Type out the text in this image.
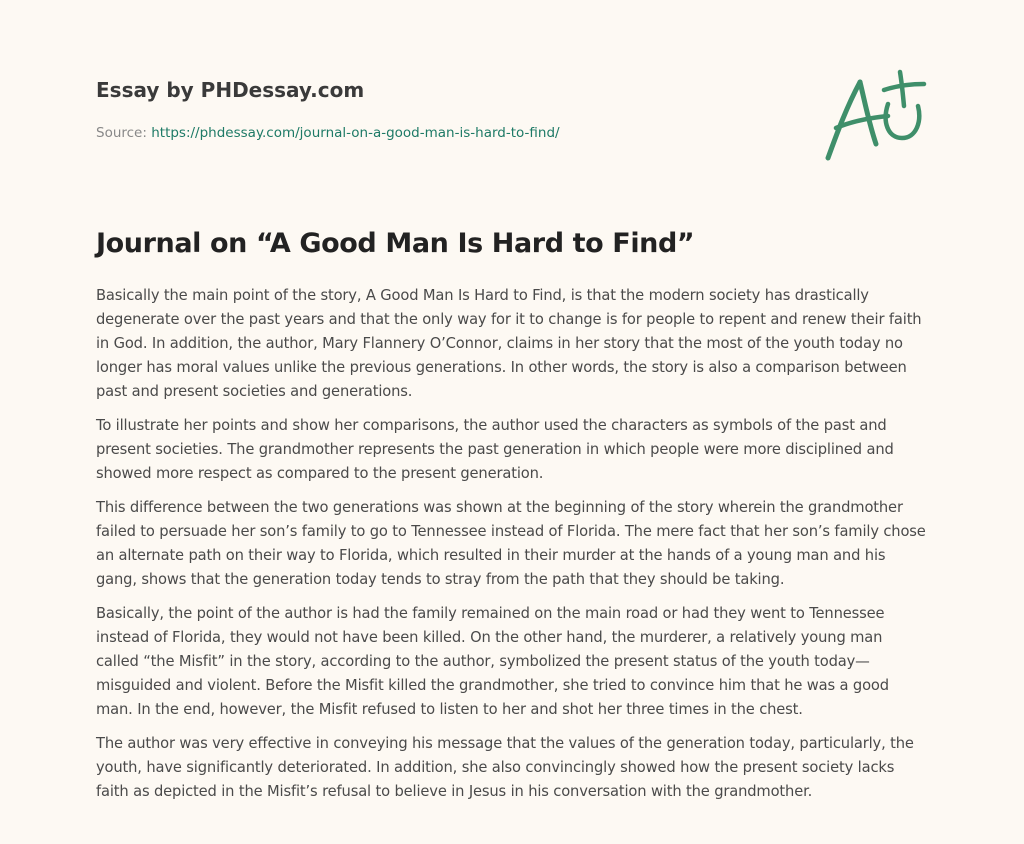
Essay by PHDessay.com
Source: https://phdessay.com/journal-on-a-good-man-is-hard-to-find/
Journal on “A Good Man Is Hard to Find”

Basically the main point of the story, A Good Man Is Hard to Find, is that the modern society has drastically degenerate over the past years and that the only way for it to change is for people to repent and renew their faith in God. In addition, the author, Mary Flannery O’Connor, claims in her story that the most of the youth today no longer has moral values unlike the previous generations. In other words, the story is also a comparison between past and present societies and generations.

To illustrate her points and show her comparisons, the author used the characters as symbols of the past and present societies. The grandmother represents the past generation in which people were more disciplined and showed more respect as compared to the present generation.

This difference between the two generations was shown at the beginning of the story wherein the grandmother failed to persuade her son’s family to go to Tennessee instead of Florida. The mere fact that her son’s family chose an alternate path on their way to Florida, which resulted in their murder at the hands of a young man and his gang, shows that the generation today tends to stray from the path that they should be taking.

Basically, the point of the author is had the family remained on the main road or had they went to Tennessee instead of Florida, they would not have been killed. On the other hand, the murderer, a relatively young man called “the Misfit” in the story, according to the author, symbolized the present status of the youth today—misguided and violent. Before the Misfit killed the grandmother, she tried to convince him that he was a good man. In the end, however, the Misfit refused to listen to her and shot her three times in the chest.

The author was very effective in conveying his message that the values of the generation today, particularly, the youth, have significantly deteriorated. In addition, she also convincingly showed how the present society lacks faith as depicted in the Misfit’s refusal to believe in Jesus in his conversation with the grandmother.
